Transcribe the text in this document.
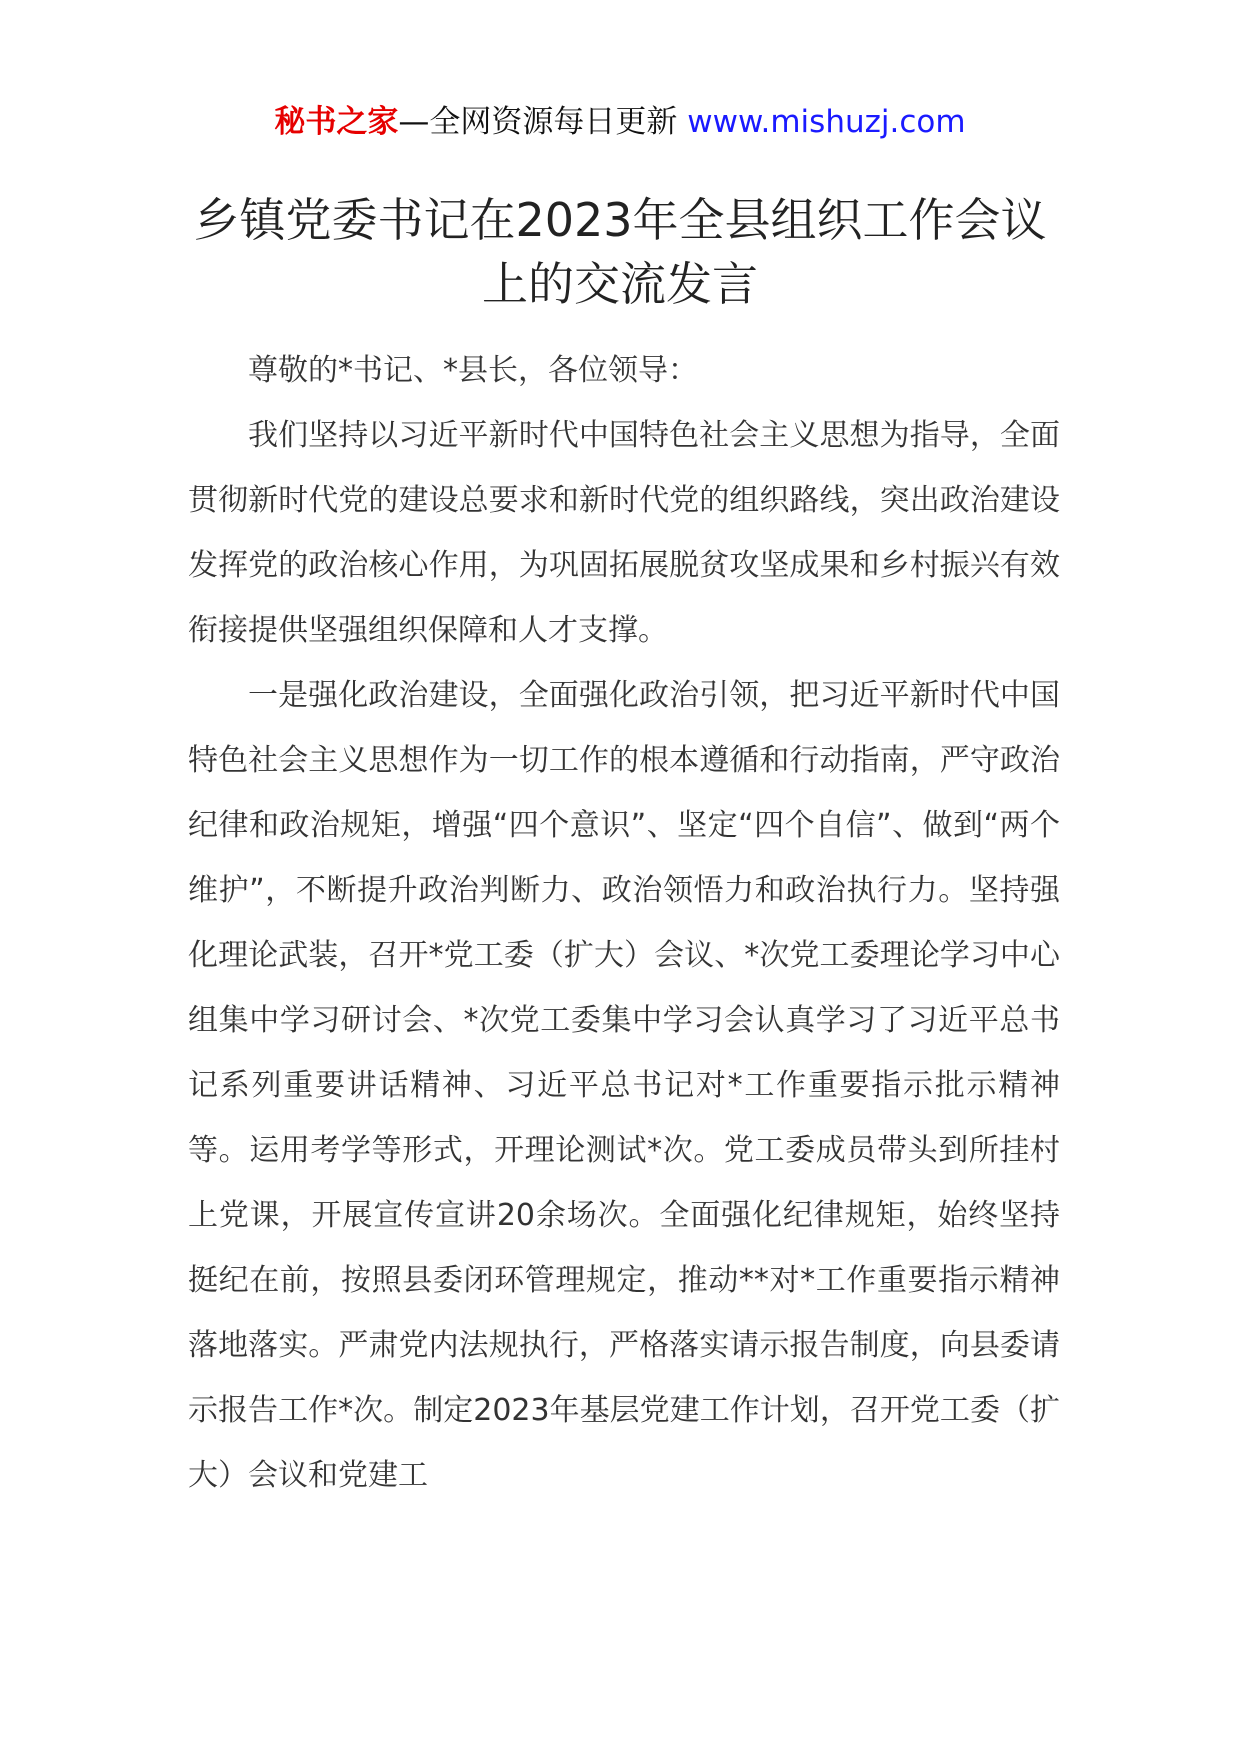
秘书之家—全网资源每日更新 www.mishuzj.com
乡镇党委书记在2023年全县组织工作会议上的交流发言

尊敬的*书记、*县长，各位领导：

我们坚持以习近平新时代中国特色社会主义思想为指导，全面贯彻新时代党的建设总要求和新时代党的组织路线，突出政治建设发挥党的政治核心作用，为巩固拓展脱贫攻坚成果和乡村振兴有效衔接提供坚强组织保障和人才支撑。

一是强化政治建设，全面强化政治引领，把习近平新时代中国特色社会主义思想作为一切工作的根本遵循和行动指南，严守政治纪律和政治规矩，增强“四个意识”、坚定“四个自信”、做到“两个维护”，不断提升政治判断力、政治领悟力和政治执行力。坚持强化理论武装，召开*党工委（扩大）会议、*次党工委理论学习中心组集中学习研讨会、*次党工委集中学习会认真学习了习近平总书记系列重要讲话精神、习近平总书记对*工作重要指示批示精神等。运用考学等形式，开理论测试*次。党工委成员带头到所挂村上党课，开展宣传宣讲20余场次。全面强化纪律规矩，始终坚持挺纪在前，按照县委闭环管理规定，推动**对*工作重要指示精神落地落实。严肃党内法规执行，严格落实请示报告制度，向县委请示报告工作*次。制定2023年基层党建工作计划，召开党工委（扩大）会议和党建工
